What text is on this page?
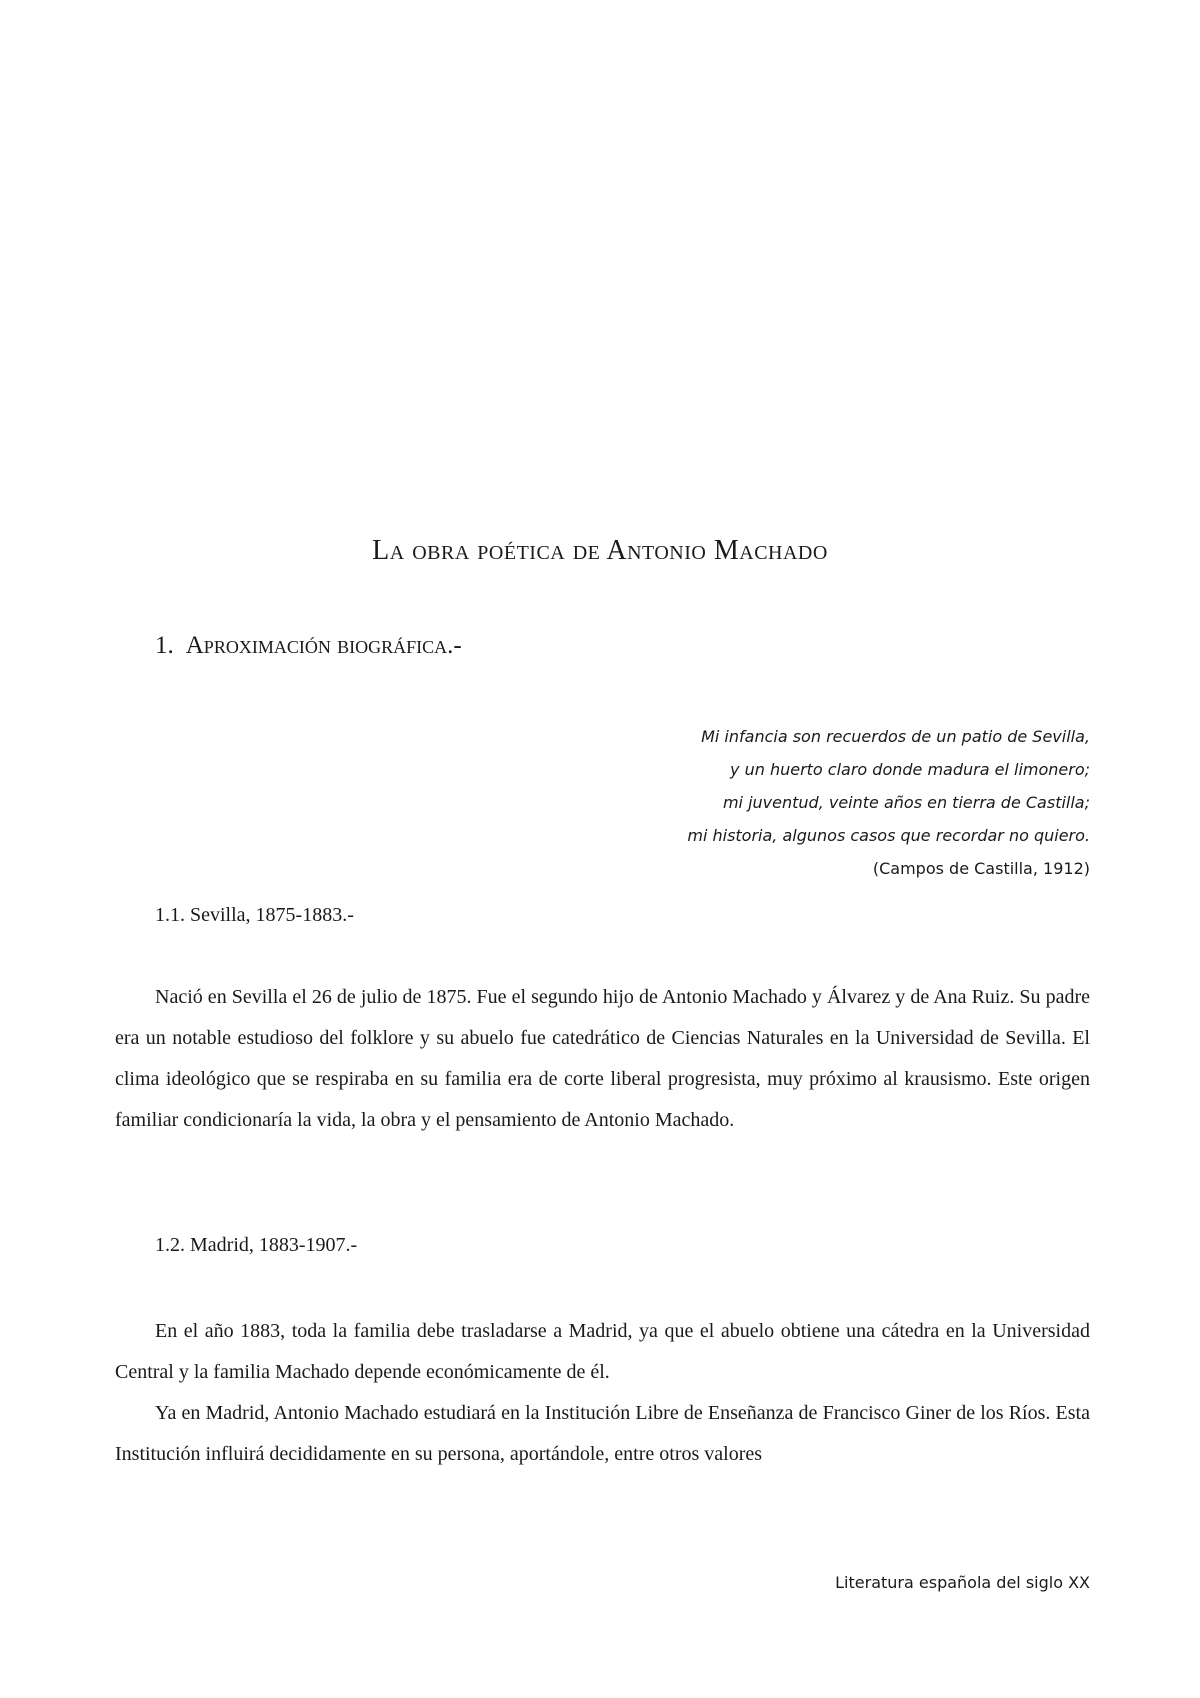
La obra poética de Antonio Machado
1. Aproximación biográfica.-
Mi infancia son recuerdos de un patio de Sevilla,
y un huerto claro donde madura el limonero;
mi juventud, veinte años en tierra de Castilla;
mi historia, algunos casos que recordar no quiero.
(Campos de Castilla, 1912)
1.1. Sevilla, 1875-1883.-

Nació en Sevilla el 26 de julio de 1875. Fue el segundo hijo de Antonio Machado y Álvarez y de Ana Ruiz. Su padre era un notable estudioso del folklore y su abuelo fue catedrático de Ciencias Naturales en la Universidad de Sevilla. El clima ideológico que se respiraba en su familia era de corte liberal progresista, muy próximo al krausismo. Este origen familiar condicionaría la vida, la obra y el pensamiento de Antonio Machado.

1.2. Madrid, 1883-1907.-

En el año 1883, toda la familia debe trasladarse a Madrid, ya que el abuelo obtiene una cátedra en la Universidad Central y la familia Machado depende económicamente de él.

Ya en Madrid, Antonio Machado estudiará en la Institución Libre de Enseñanza de Francisco Giner de los Ríos. Esta Institución influirá decididamente en su persona, aportándole, entre otros valores

Literatura española del siglo XX
